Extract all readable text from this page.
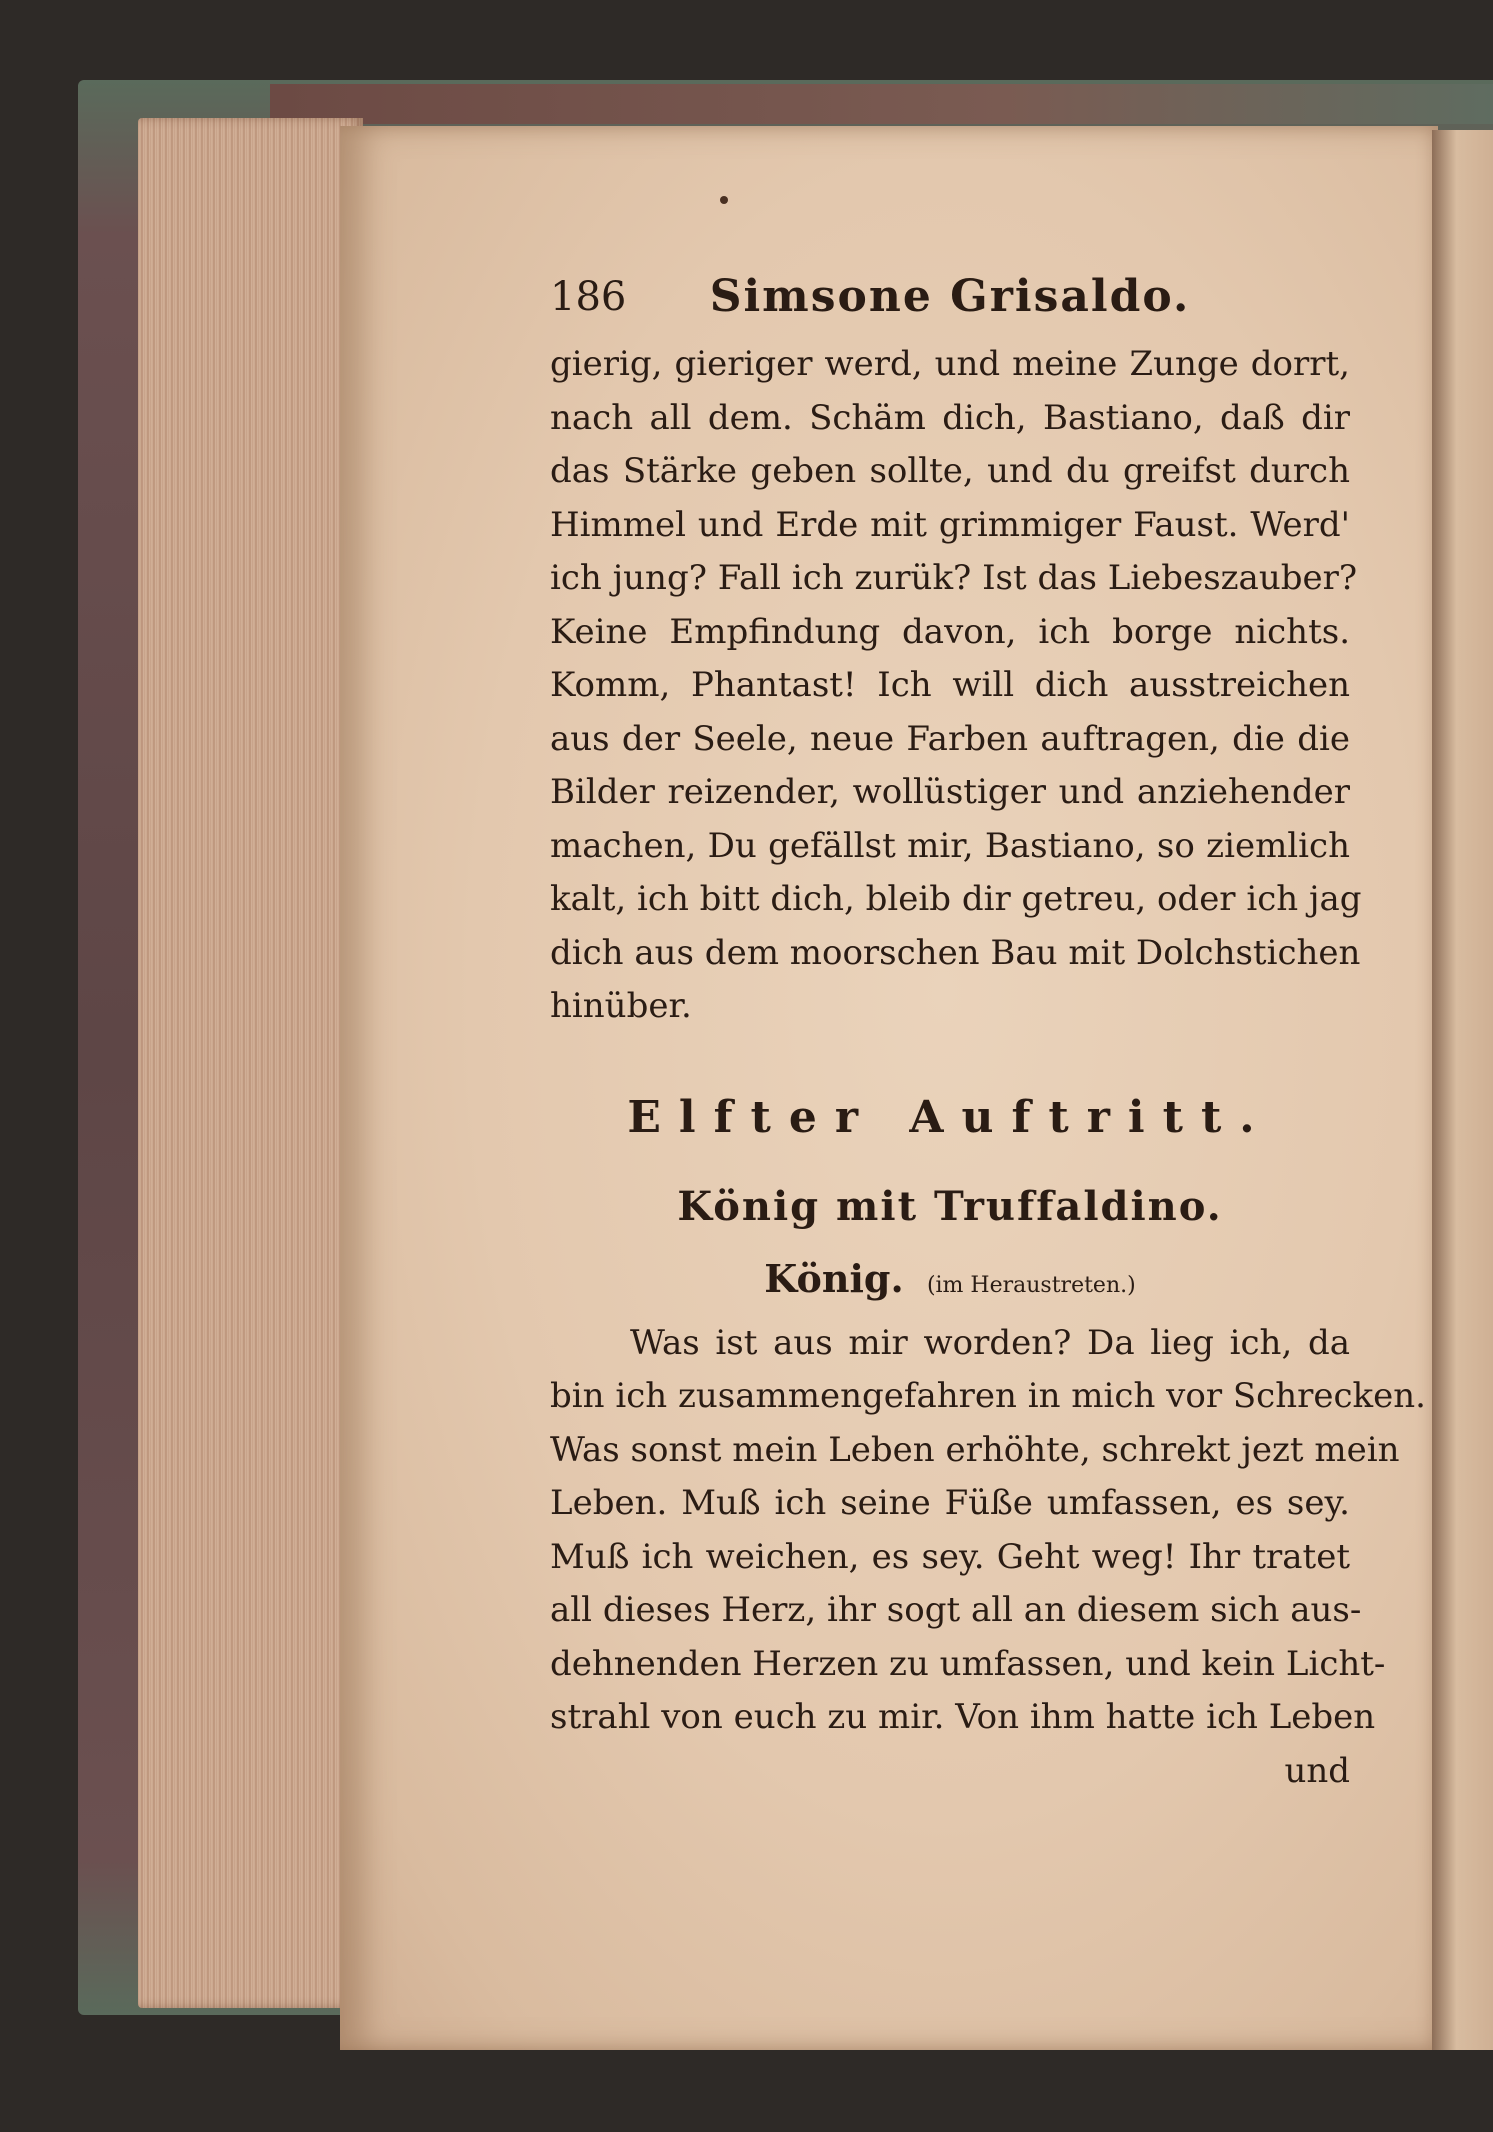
186	Simsone Grisaldo.
gierig, gieriger werd, und meine Zunge dorrt,
nach all dem. Schäm dich, Bastiano, daß dir
das Stärke geben sollte, und du greifst durch
Himmel und Erde mit grimmiger Faust. Werd'
ich jung? Fall ich zurük? Ist das Liebeszauber?
Keine Empfindung davon, ich borge nichts.
Komm, Phantast! Ich will dich ausstreichen
aus der Seele, neue Farben auftragen, die die
Bilder reizender, wollüstiger und anziehender
machen, Du gefällst mir, Bastiano, so ziemlich
kalt, ich bitt dich, bleib dir getreu, oder ich jag
dich aus dem moorschen Bau mit Dolchstichen
hinüber.
Elfter Auftritt.
König mit Truffaldino.
König. (im Heraustreten.)
Was ist aus mir worden? Da lieg ich, da
bin ich zusammengefahren in mich vor Schrecken.
Was sonst mein Leben erhöhte, schrekt jezt mein
Leben. Muß ich seine Füße umfassen, es sey.
Muß ich weichen, es sey. Geht weg! Ihr tratet
all dieses Herz, ihr sogt all an diesem sich aus-
dehnenden Herzen zu umfassen, und kein Licht-
strahl von euch zu mir. Von ihm hatte ich Leben
und
